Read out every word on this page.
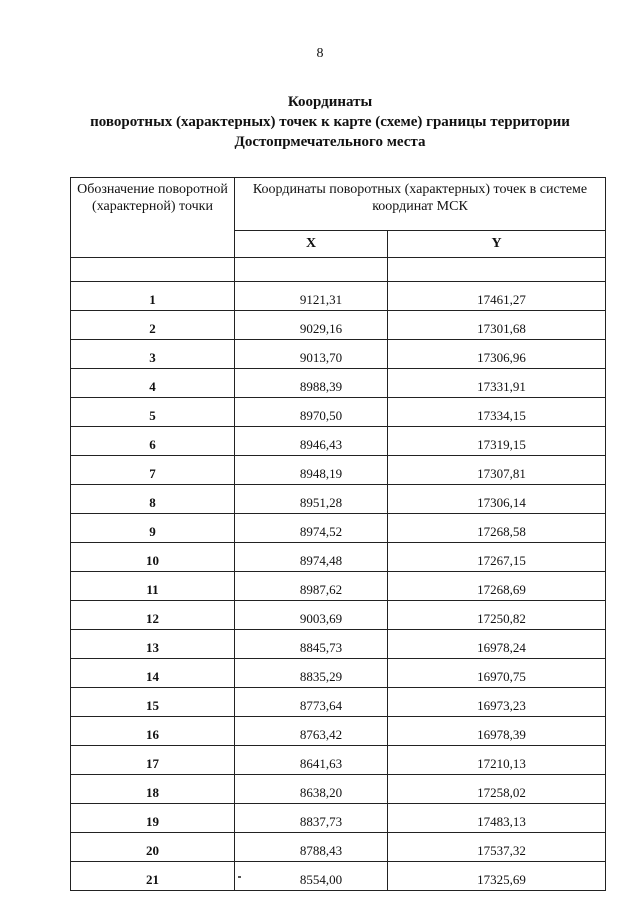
8
Координаты
поворотных (характерных) точек к карте (схеме) границы территории
Достопрмечательного места
Обозначение поворотной (характерной) точки	Координаты поворотных (характерных) точек в системе координат МСК	
	X	Y

1	9121,31	17461,27
2	9029,16	17301,68
3	9013,70	17306,96
4	8988,39	17331,91
5	8970,50	17334,15
6	8946,43	17319,15
7	8948,19	17307,81
8	8951,28	17306,14
9	8974,52	17268,58
10	8974,48	17267,15
11	8987,62	17268,69
12	9003,69	17250,82
13	8845,73	16978,24
14	8835,29	16970,75
15	8773,64	16973,23
16	8763,42	16978,39
17	8641,63	17210,13
18	8638,20	17258,02
19	8837,73	17483,13
20	8788,43	17537,32
21	8554,00	17325,69
